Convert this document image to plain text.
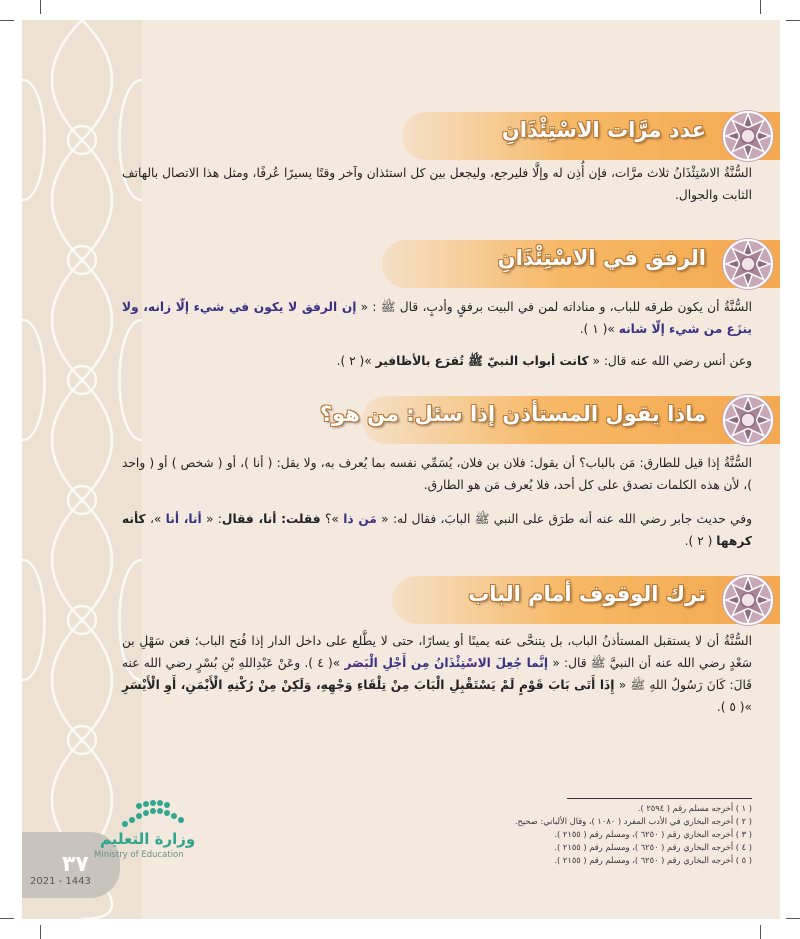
عدد مرَّات الاسْتِئْذَانِ
السُّنَّةُ الاسْتِئْذَانُ ثلاث مرَّات، فإن أُذِن له وإلَّا فليرجع، وليجعل بين كل استئذان وآخر وقتًا يسيرًا عُرفًا، ومثل هذا الاتصال بالهاتف الثابت والجوال.
الرفق في الاسْتِئْذَانِ
السُّنَّةُ أن يكون طرقه للباب، و مناداته لمن في البيت برفقٍ وأدبٍ، قال ﷺ : « إن الرفق لا يكون في شيء إلّا زانه، ولا ينزَع من شيء إلّا شانه »( ١ ).
وعن أنس رضي الله عنه قال: « كانت أبواب النبيّ ﷺ تُقرَع بالأظافير »( ٢ ).
ماذا يقول المستأذن إذا سئل: من هو؟
السُّنَّةُ إذا قيل للطارق: مَن بالباب؟ أن يقول: فلان بن فلان، يُسَمِّي نفسه بما يُعرف به، ولا يقل: ( أنا )، أو ( شخص ) أو ( واحد )، لأن هذه الكلمات تصدق على كل أحد، فلا يُعرف مَن هو الطارق.
وفي حديث جابر رضي الله عنه أنه طرَق على النبي ﷺ البابَ، فقال له: « مَن ذا »؟ فقلت: أنا، فقال: « أنا، أنا »، كأنه كرهها ( ٢ ).
ترك الوقوف أمام الباب
السُّنَّةُ أن لا يستقبل المستأذنُ الباب، بل يتنحَّى عنه يمينًا أو يسارًا، حتى لا يطَّلع على داخل الدار إذا فُتح الباب؛ فعن سَهْلِ بن سَعْدٍ رضي الله عنه أن النبيَّ ﷺ قال: « إنَّما جُعِلَ الاسْتِئْذَانُ مِن أَجْلِ الْبَصَر »( ٤ ). وعَنْ عَبْدِاللهِ بْنِ بُسْرٍ رضي الله عنه قَالَ: كَانَ رَسُولُ اللهِ ﷺ « إِذَا أَتَى بَابَ قَوْمٍ لَمْ يَسْتَقْبِلِ الْبَابَ مِنْ تِلْقَاءِ وَجْهِهِ، وَلَكِنْ مِنْ رُكْنِهِ الْأَيْمَنِ، أَوِ الْأَيْسَرِ »( ٥ ).
( ١ ) أخرجه مسلم رقم ( ٢٥٩٤ ).
( ٢ ) أخرجه البخاري في الأدب المفرد ( ١٠٨٠ )، وقال الألباني: صحيح.
( ٣ ) أخرجه البخاري رقم ( ٦٢٥٠ )، ومسلم رقم ( ٢١٥٥ ).
( ٤ ) أخرجه البخاري رقم ( ٦٢٥٠ )، ومسلم رقم ( ٢١٥٥ ).
( ٥ ) أخرجه البخاري رقم ( ٦٢٥٠ )، ومسلم رقم ( ٢١٥٥ ).
٣٧
2021 - 1443
وزارة التعليم
Ministry of Education
